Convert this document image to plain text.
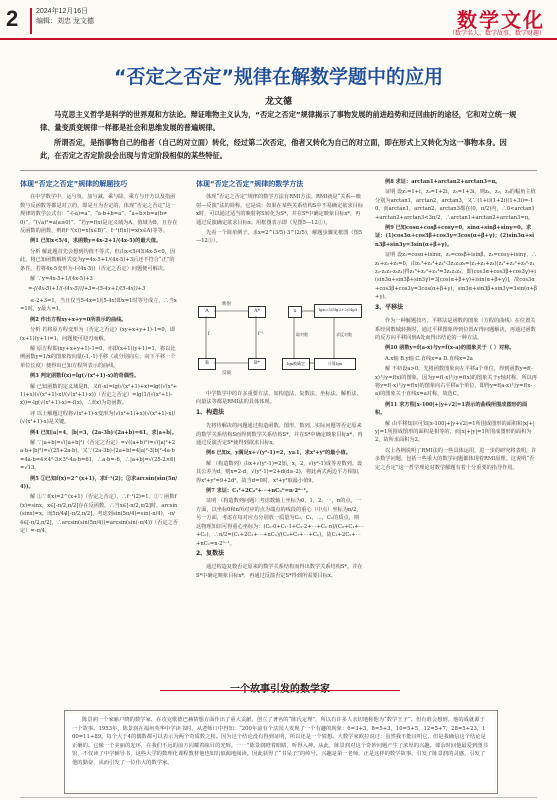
2	2024年12月16日
编辑：刘忠 龙文德	数学文化
（数学名人、数学故事、数学财趣）
“否定之否定”规律在解数学题中的应用
龙文德
马克思主义哲学是科学的世界观和方法论。辩证唯物主义认为，“否定之否定”规律揭示了事物发展的前进趋势和迂回曲折的途径，它和对立统一规律、量变质变规律一样都是社会和思维发展的普遍规律。
所谓否定，是指事物自己的他者（自己的对立面）转化，经过第二次否定，他者又转化为自己的对立面，即在形式上又转化为这一事物本身。因此，在否定之否定阶段会出现与肯定阶段相似的某些特征。
体现“否定之否定”规律的解题技巧

在中学数学中，运与负、加与减、乘与除、乘方与开方以及指函数与反函数等都是对立的，即是互为否定的，体现“否定之否定”这一规律的数学公式有：“-(-a)=a”、“a-b+b=a”、“a÷b×b=a(b≠0)”、“(√a)²=a(a≥0)”、“若y=f(x)是定义域为A，值域为B，且存在反函数的函数，则f(f⁻¹(x))=x(x∈B)”、f⁻¹(f(x))=x(x∈A)等等。

例1 已知x<5/4，求函数y=4x-2+1/(4x-5)的最大值。

分析 解此题首先会想到均值不等式，但由x<5/4知4x-5<0，因此，将已知函数解析式变为y=4x-5+1/(4x-5)+3后还不符合“正”的条件。若将4x-5变形为-(-(4x-5))（否定之否定）问题便可解决。

解 ∵y=4x-5+1/(4x-5)+3

=-[(4x-5)+1/(-(4x-5))]+3=-(5-4x+1/(5-4x))+3

≤-2+3=1，当且仅当5-4x=1/(5-4x)即x=1时等号成立，∴当x=1时，y最大=1。

例2 作出方程xy+x+y=0所表示的曲线。

分析 若将原方程变形为（否定之否定）(xy+x+y+1)-1=0，即(x+1)(y+1)=1，问题便可迎刃而解。

解 原方程即(xy+x+y+1)-1=0，亦即(x+1)(y+1)=1，将以比例函数y=1/x的图象按向量(-1,-1)平移（或分别向左、向下平移一个单位长度）便得出已知方程所表示的曲线。

例3 判定函数f(x)=lg(√(x²+1)-x)的奇偶性。

解 已知函数的定义域是R，又f(-x)=lg(√(x²+1)+x)=lg((√(x²+1)+x)(√(x²+1)-x)/(√(x²+1)-x))（否定之否定）=lg(1/(√(x²+1)-x))=-lg(√(x²+1)-x)=-f(x)，∴f(x)为奇函数。

评 以上解题过程将√(x²+1)-x变形为(√(x²+1)+x)(√(x²+1)-x)/(√(x²+1)-x)是关键。

例4 已知|a|=4，|b|=3，(2a-3b)·(2a+b)=61，求|a+b|。

解 ∵|a+b|=√(|a+b|²)（否定之否定）=√((a+b)²)=√(|a|²+2a·b+|b|²)=√(25+2a·b)。又∵(2a-3b)·(2a+b)=4|a|²-3|b|²-4a·b=4a·b=4×4²-3×3²-4a·b=61，∴a·b=-6，∴|a+b|=√(25-2×6)=√13。

例5 ①已知f(x)=2^(x+1)，求f⁻¹(2)；②求arcsin(sin(5π/4))。

解 ①∵f(x)=2^(x+1)（否定之否定），∴f⁻¹(2)=1。②∵函数f(x)=sinx，x∈[-π/2,π/2]存在反函数，∴当x∈[-π/2,π/2]时，arcsin(sinx)=x。而5π/4∉[-π/2,π/2]，考虑到sin(5π/4)=sin(-π/4)，-π/4∈[-π/2,π/2]，∴arcsin(sin(5π/4))=arcsin(sin(-π/4))（否定之否定）=-π/4。

体现“否定之否定”规律的数学方法

体现“否定之否定”规律的数学方法有RMI方法。RMI就是“关系—映射—反演”法的简称。它是说：如果在某些关系结构S中不易确定欲求目标x时，可以通过适当的映射将S转化为S*，并在S*中确定映象目标x*，再通过反演确定欲求目标x。用框图表示即（见图5—12②）。

先看一个简单例子。求x=2^(3/5)·3^(2/5)，解题步骤见框图（图5—12③）。

A	A*
B	B*
映射
反演
f	f⁻¹
x	lgx=3/5lg2+2/5lg3
lgx被确定	计算lgx
取对数	求反对数

中学数学中的许多重要方法，如构造法、复数法、坐标法、解析法、向量法等都是RMI法的具体体现。

1、构造法

先将待解决的问题通过构造函数、图形、数列、实际问题等否定原来的数学关系结构S而得到数学关系结构S*，并在S*中确定映象目标x*，再通过反演否定S*使得到欲求目标x。

例6 已知x，y满足x+√(y²-1)=2，y≥1，求x²+y²的最小值。

解 （构造数列）由x+√(y²-1)=2知，x，2，√(y²-1)成等差数列。设其公差为d，则x=2-d，√(y²-1)=2+d(d≥-2)，将此两式两边平方相加，得x²+y²=9+2d²，故当d=0时，x²+y²取最小值9。

例7 求证：C₁¹+2C₂²+⋯+nCₙⁿ=n·2ⁿ⁻¹。

证明 （构造数列问题）考虑数轴上坐标为0，1，2，⋯，n的点，一方面，以坐标0和n所对应的点为端点的线段的重心（中点）坐标为n/2，另一方面，考虑在每对应点分别放一质量为C₀，C₁，⋯，Cₙ的质点，则这物理知识可得重心坐标为：(C₀·0+C₁·1+C₂·2+⋯+Cₙ·n)/(C₀+C₁+⋯+Cₙ)，∴n/2=(C₁+2C₂+⋯+nCₙ)/(C₀+C₁+⋯+Cₙ)，故C₁+2C₂+⋯+nCₙ=n·2ⁿ⁻¹。

2、复数法

通过构造复数否定原来的数学关系结构而得出数学关系结构S*，并在S*中确定映象目标x*，再通过反演否定S*得到所需要目标x。

例8 求证：arctan1+arctan2+arctan3=π。

证明 设z₁=1+i，z₂=1+2i，z₃=1+3i，则z₁，z₂，z₃的幅角主值分别为arctan1，arctan2，arctan3，又∵(1+i)(1+2i)(1+3i)=-10，而arctan1，arctan2，arctan3都在(0，π/2)内，∴0<arctan1+arctan2+arctan3<3π/2，∴arctan1+arctan2+arctan3=π。

例9 已知cosα+cosβ+cosγ=0，sinα+sinβ+sinγ=0。求证：(1)cos3α+cos3β+cos3γ=3cos(α+β+γ)；(2)sin3α+sin3β+sin3γ=3sin(α+β+γ)。

证明 设z₁=cosα+isinα，z₂=cosβ+isinβ，z₃=cosγ+isinγ，∴z₁+z₂+z₃=0，由z₁³+z₂³+z₃³-3z₁z₂z₃=(z₁+z₂+z₃)(z₁²+z₂²+z₃²-z₁z₂-z₂z₃-z₃z₁)得z₁³+z₂³+z₃³=3z₁z₂z₃，即(cos3α+cos3β+cos3γ)+i(sin3α+sin3β+sin3γ)=3[cos(α+β+γ)+isin(α+β+γ)]，故cos3α+cos3β+cos3γ=3cos(α+β+γ)，sin3α+sin3β+sin3γ=3sin(α+β+γ)。

3、平移法

作为一种解题技巧，平移法是函数的图象（方程的曲线）在位置关系经同数域转换时，通过平移图象得到位置A'得问题解决，再通过函数的反方向平移回到A处而得出结论的一种方法。

例10 函数y=f(a-x)与y=f(x-a)的图象关于（ ）对称。

A.x轴 B.y轴 C.直线x=a D.直线x=2a

解 不妨设a>0，先将函数图象向左平移a个单位，得到函数y=f(-x)与y=f(x)的图象，因为y=f(-x)与y=f(x)的图象关于y轴对称，所以再将y=f(-x)与y=f(x)的图象向右平移a个单位，即得y=f(a-x)与y=f(x-a)的图象关于直线x=a对称，故选C。

例11 求方程|x-100|+|y+√2|=1表示的曲线所围成图形的面积。

解 由平移知识可知|x-100|+|y+√2|=1所围成图形的面积和|x|+|y|=1所围成图形的面积是相等的，而|x|+|y|=1所围成图形的面积为2，故所求面积为2。

以上各例说明了RMI法的一些具体运用，进一步的研究将表明，许多数学问题，包括一些重大的数学问题都体现着RMI原理。这说明“否定之否定”这一哲学理论对数学解题有着十分重要的指导作用。

陈景润一个家喻户晓的数学家，在攻克歌德巴赫猜想方面作出了重大贡献，创立了著名的“陈氏定理”，所以有许多人亲切地称他为“数学王子”。但有谁会想到，他的成就源于一个故事。1953年，陈景润在福州英华中学读书时，从老师口中得知：“200年前有个法国人发现了一个有趣的现象：6=3+3，8=5+3，10=5+5，12=5+7，28=5+23，100=11+89。每个大于4的偶数都可以表示为两个奇质数之和。因为这个结论没有得到证明，所以还是一个猜想。大数学家欧拉说过：虽然我不能证明它，但是我确信这个结论是正确的。它像一个美丽的光环，在我们不远的前方闪耀着眩目的光辉。⋯⋯”陈景润瞪着眼睛，听得入神。从此，陈景润对这个奇妙问题产生了浓厚的兴趣。课余时间他最爱到图书馆，不仅读了中学辅导书，这些大学的数理化课程教材他也如饥似渴地阅读。因此获得了“书呆子”的绰号。兴趣是第一老师，正是这样的数学故事，引发了陈景润的灵感，引发了他的勤奋，从而引发了一位伟大的数学家。
